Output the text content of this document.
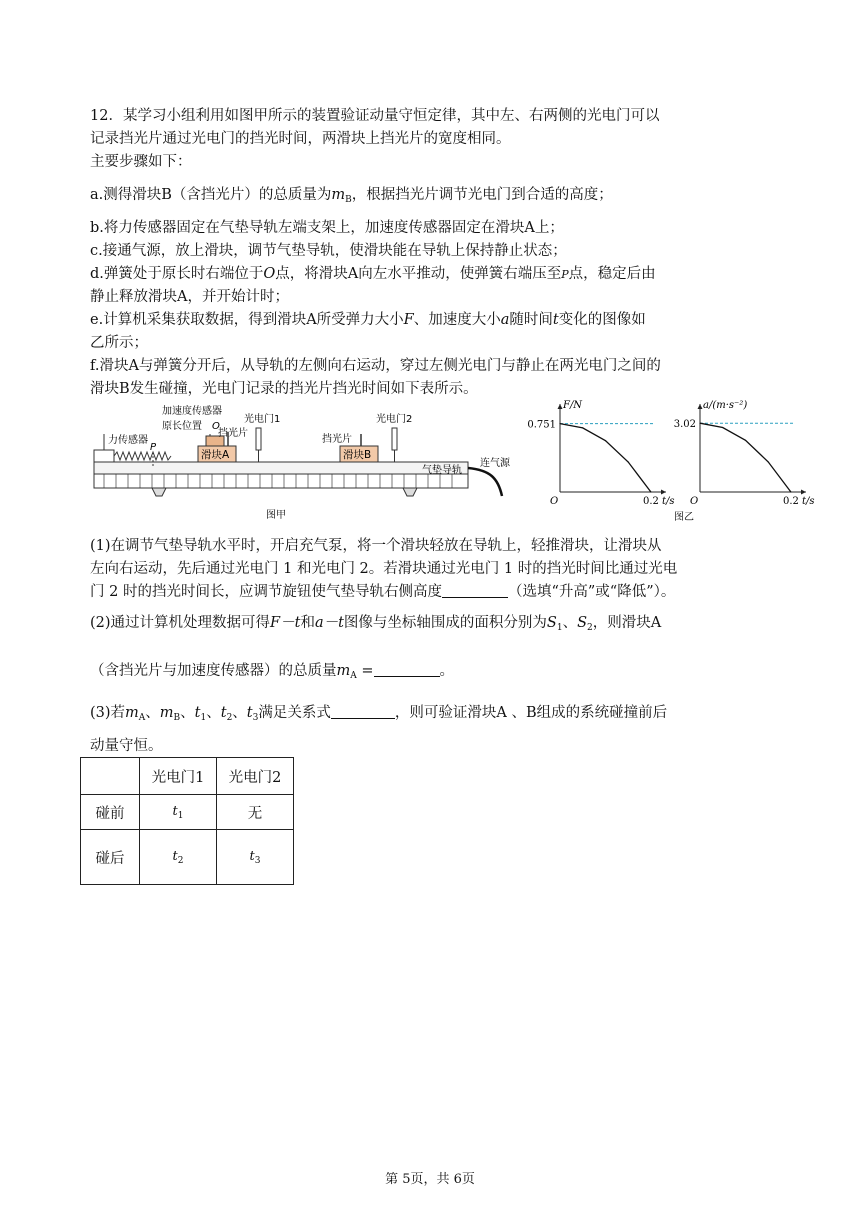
12．某学习小组利用如图甲所示的装置验证动量守恒定律，其中左、右两侧的光电门可以
记录挡光片通过光电门的挡光时间，两滑块上挡光片的宽度相同。
主要步骤如下：
a.测得滑块B（含挡光片）的总质量为$m_B$，根据挡光片调节光电门到合适的高度；
b.将力传感器固定在气垫导轨左端支架上，加速度传感器固定在滑块A上；
c.接通气源，放上滑块，调节气垫导轨，使滑块能在导轨上保持静止状态；
d.弹簧处于原长时右端位于O点，将滑块A向左水平推动，使弹簧右端压至P点，稳定后由
静止释放滑块A，并开始计时；
e.计算机采集获取数据，得到滑块A所受弹力大小F、加速度大小a随时间t变化的图像如
乙所示；
f.滑块A与弹簧分开后，从导轨的左侧向右运动，穿过左侧光电门与静止在两光电门之间的
滑块B发生碰撞，光电门记录的挡光片挡光时间如下表所示。
加速度传感器
光电门1	光电门2
原长位置 O
力传感器
挡光片
挡光片
滑块A	滑块B
P
气垫导轨
连气源
图甲	图乙
0.751
0.2 t/s
F/N
O
3.02
0.2 t/s
a/(m·s⁻²)
O
(1)在调节气垫导轨水平时，开启充气泵，将一个滑块轻放在导轨上，轻推滑块，让滑块从
左向右运动，先后通过光电门 1 和光电门 2。若滑块通过光电门 1 时的挡光时间比通过光电
门 2 时的挡光时间长，应调节旋钮使气垫导轨右侧高度	（选填“升高”或“降低”）。
(2)通过计算机处理数据可得F－t和a－t图像与坐标轴围成的面积分别为$S_1$、$S_2$，则滑块A
（含挡光片与加速度传感器）的总质量$m_A$ =	。
(3)若$m_A$、$m_B$、$t_1$、$t_2$、$t_3$满足关系式	，则可验证滑块A 、B组成的系统碰撞前后
动量守恒。
	光电门1	光电门2
碰前	$t_1$	无
碰后	$t_2$	$t_3$
第 5页，共 6页
